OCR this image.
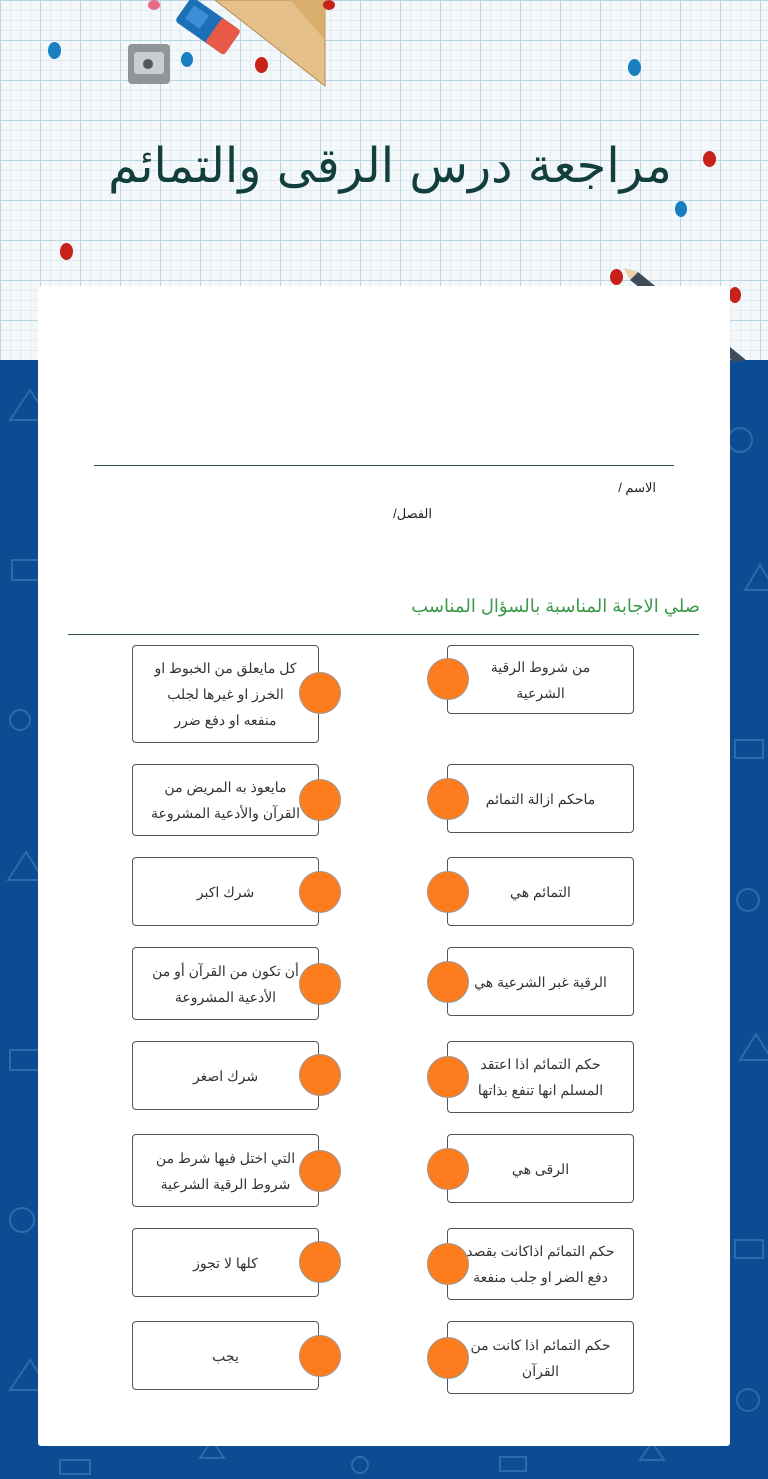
مراجعة درس الرقى والتمائم
الاسم /
الفصل/
صلي الاجابة المناسبة بالسؤال المناسب
كل مايعلق من الخبوط او الخرز او غيرها لجلب منفعه او دفع ضرر
من شروط الرقية الشرعية
مايعوذ به المريض من القرآن والأدعية المشروعة
ماحكم ازالة التمائم
شرك اكبر	التمائم هي
أن تكون من القرآن أو من الأدعية المشروعة
الرقية غبر الشرعية هي
شرك اصغر
حكم التمائم اذا اعتقد المسلم انها تنفع بذاتها
التي اختل فيها شرط من شروط الرقية الشرعية
الرقى هي
كلها لا تجوز
حكم التمائم اذاكانت بقصد دفع الضر او جلب منفعة
يجب
حكم التمائم اذا كانت من القرآن
